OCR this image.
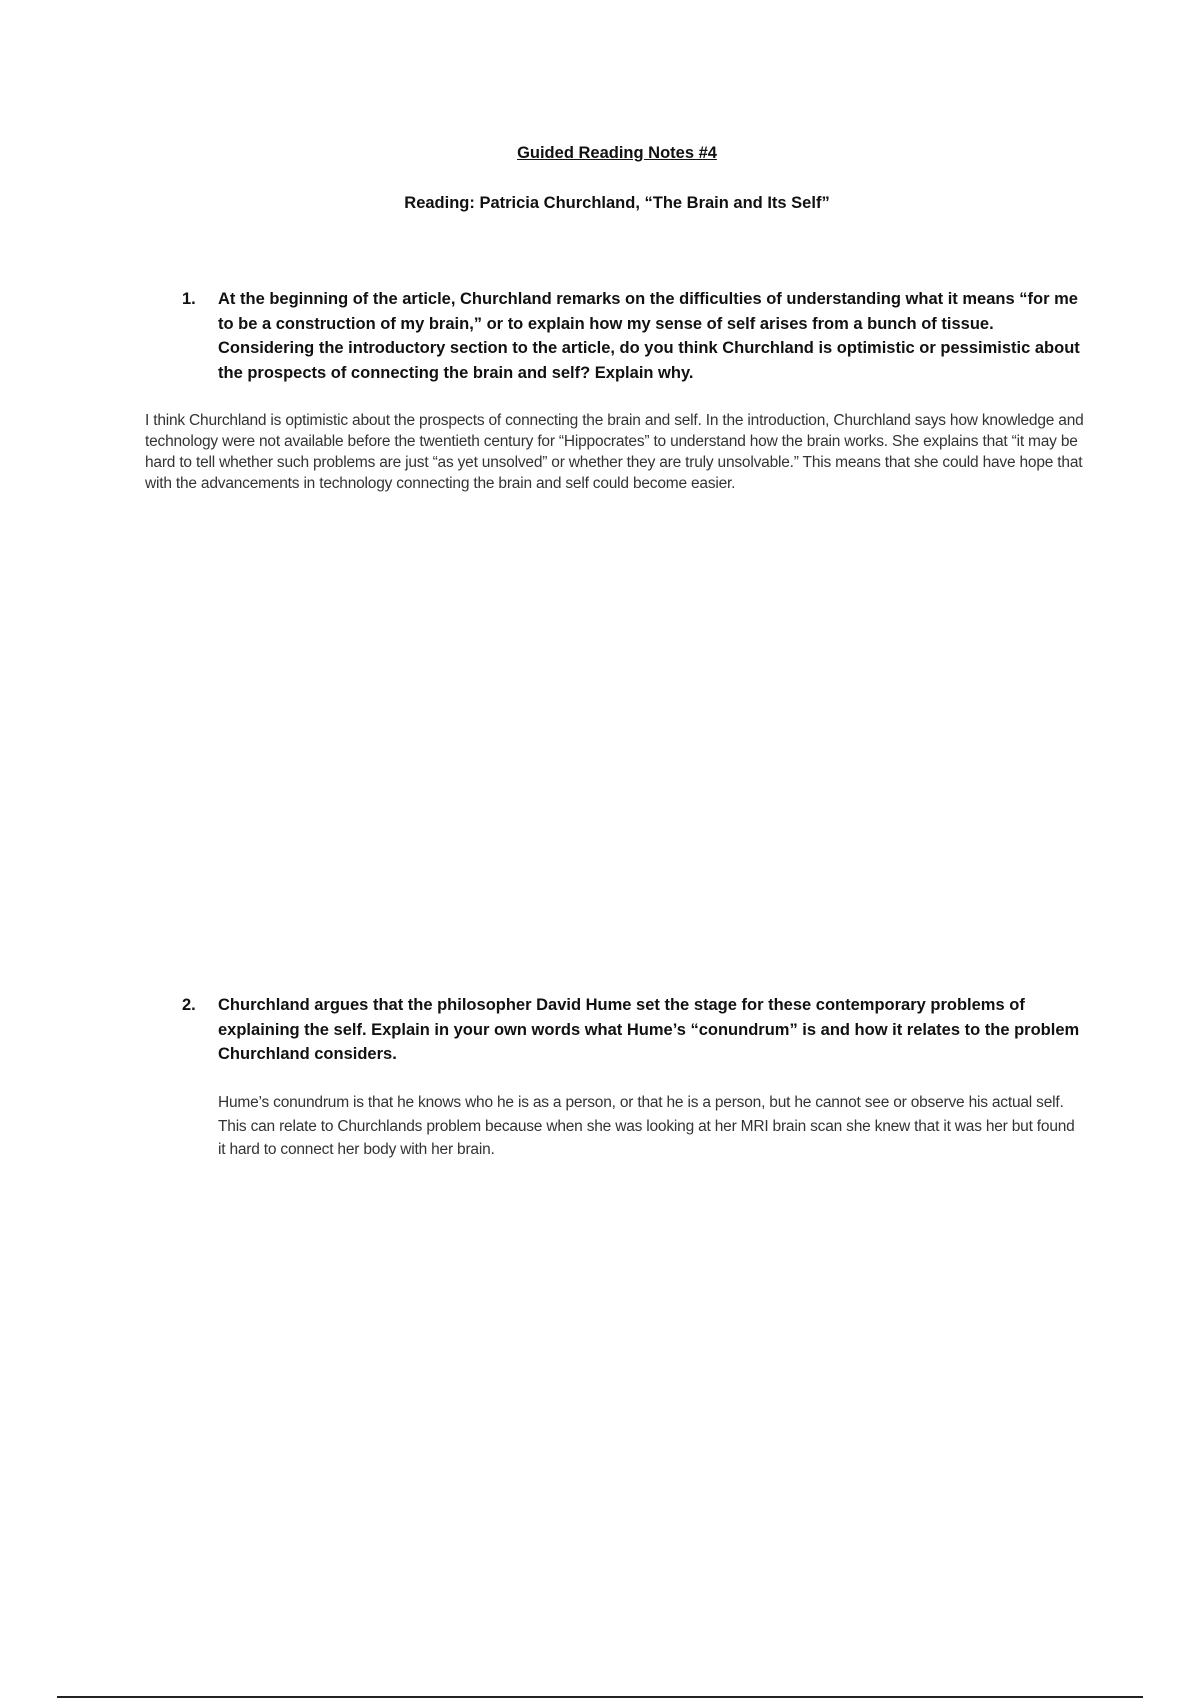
Guided Reading Notes #4
Reading: Patricia Churchland, “The Brain and Its Self”
1.	At the beginning of the article, Churchland remarks on the difficulties of understanding what it means “for me to be a construction of my brain,” or to explain how my sense of self arises from a bunch of tissue. Considering the introductory section to the article, do you think Churchland is optimistic or pessimistic about the prospects of connecting the brain and self? Explain why.
I think Churchland is optimistic about the prospects of connecting the brain and self. In the introduction, Churchland says how knowledge and technology were not available before the twentieth century for “Hippocrates” to understand how the brain works. She explains that “it may be hard to tell whether such problems are just “as yet unsolved” or whether they are truly unsolvable.” This means that she could have hope that with the advancements in technology connecting the brain and self could become easier.
2.	Churchland argues that the philosopher David Hume set the stage for these contemporary problems of explaining the self. Explain in your own words what Hume’s “conundrum” is and how it relates to the problem Churchland considers.
Hume’s conundrum is that he knows who he is as a person, or that he is a person, but he cannot see or observe his actual self. This can relate to Churchlands problem because when she was looking at her MRI brain scan she knew that it was her but found it hard to connect her body with her brain.
